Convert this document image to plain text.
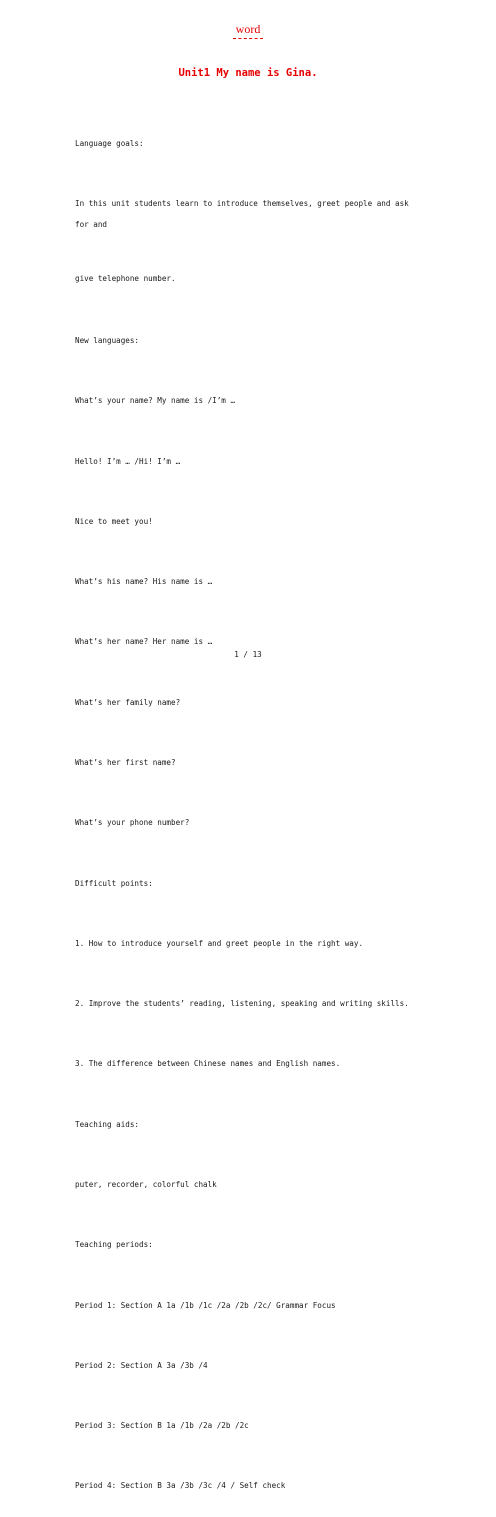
word
Unit1 My name is Gina.

Language goals:

In this unit students learn to introduce themselves, greet people and ask for and

give telephone number.

New languages:

What’s your name? My name is /I’m …

Hello! I’m … /Hi! I’m …

Nice to meet you!

What’s his name? His name is …

What’s her name? Her name is …

What’s her family name?

What’s her first name?

What’s your phone number?

Difficult points:

1. How to introduce yourself and greet people in the right way.

2. Improve the students’ reading, listening, speaking and writing skills.

3. The difference between Chinese names and English names.

Teaching aids:

puter, recorder, colorful chalk

Teaching periods:

Period 1: Section A 1a /1b /1c /2a /2b /2c/ Grammar Focus

Period 2: Section A 3a /3b /4

Period 3: Section B 1a /1b /2a /2b /2c

Period 4: Section B 3a /3b /3c /4 / Self check

1 / 13
